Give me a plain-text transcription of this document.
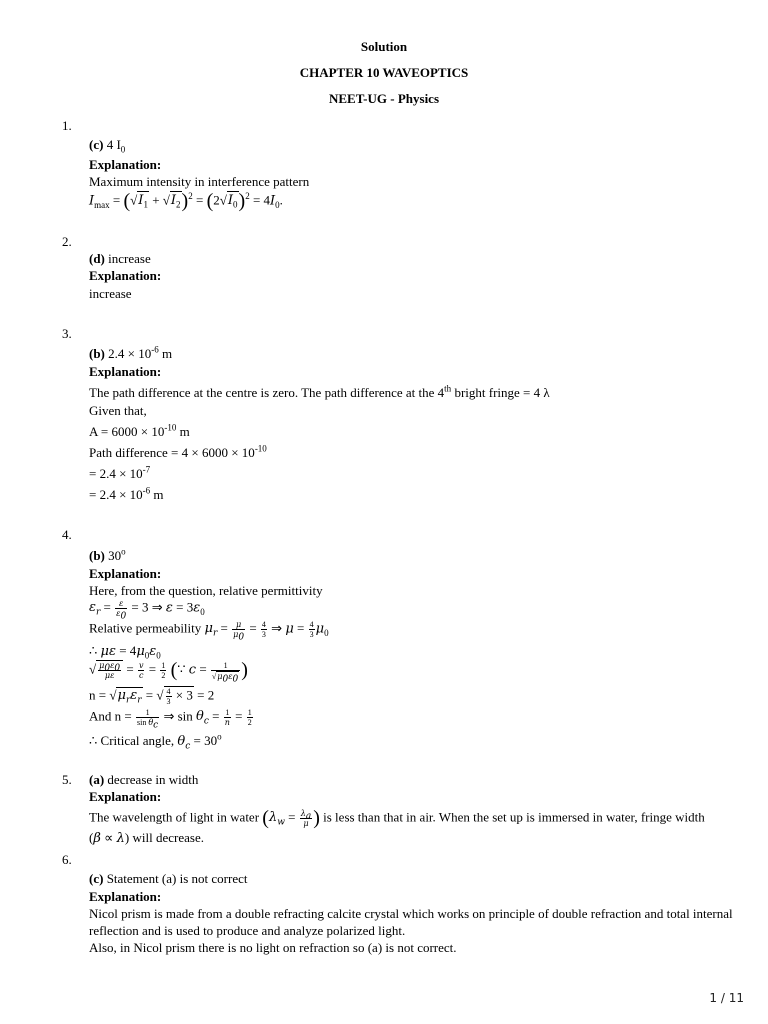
Solution
CHAPTER 10 WAVEOPTICS
NEET-UG - Physics
1.
(c) 4 $I_0$
Explanation:
Maximum intensity in interference pattern
$I_{max} = (√I_1 + √I_2)^2 = (2√I_0)^2 = 4I_0$.
2.
(d) increase
Explanation:
increase
3.
(b) $2.4 \times 10^{-6}$ m
Explanation:
The path difference at the centre is zero. The path difference at the 4th bright fringe = 4 λ
Given that,
$A = 6000 \times 10^{-10}$ m
Path difference = $4 \times 6000 \times 10^{-10}$
= $2.4 \times 10^{-7}$
= $2.4 \times 10^{-6}$ m
4.
(b) 30$^o$
Explanation:
Here, from the question, relative permittivity
$\varepsilon_r = \frac{\varepsilon}{\varepsilon_0} = 3$ ⇒ $\varepsilon = 3\varepsilon_0$
Relative permeability $\mu_r = \frac{\mu}{\mu_0} = \frac{4}{3}$ ⇒ $\mu = \frac{4}{3} \mu_0$
∴ $\mu\varepsilon = 4\mu_0\varepsilon_0$
√ $\frac{\mu_0\varepsilon_0}{\mu\varepsilon} = \frac{v}{c} = \frac{1}{2}$ (∵ $c = \frac{1}{√\mu_0\varepsilon_0}$ )
$n = √\mu_r\varepsilon_r$ = √ $\frac{4}{3} \times 3 = 2$
And $n = \frac{1}{\sin \theta_c}$ ⇒ $\sin \theta_c = \frac{1}{n} = \frac{1}{2}$
∴ Critical angle, $\theta_c = 30^o$
5. (a) decrease in width
Explanation:
The wavelength of light in water ($\lambda_w = \frac{\lambda_a}{\mu}$ ) is less than that in air. When the set up is immersed in water, fringe width
(β ∝ λ) will decrease.
6.
(c) Statement (a) is not correct
Explanation:
Nicol prism is made from a double refracting calcite crystal which works on principle of double refraction and total internal
reflection and is used to produce and analyze polarized light.
Also, in Nicol prism there is no light on refraction so (a) is not correct.
1 / 11
